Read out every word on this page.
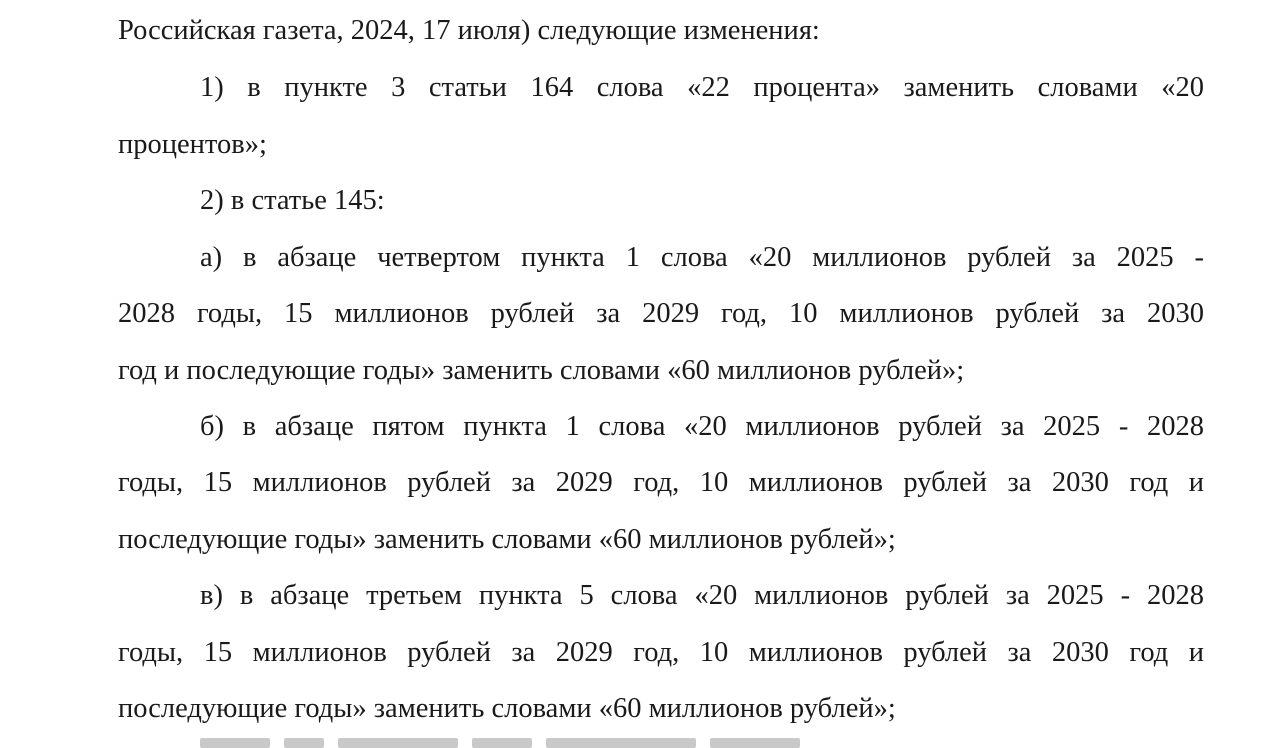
Российская газета, 2024, 17 июля) следующие изменения:
1) в пункте 3 статьи 164 слова «22 процента» заменить словами «20
процентов»;
2) в статье 145:
а) в абзаце четвертом пункта 1 слова «20 миллионов рублей за 2025 -
2028 годы, 15 миллионов рублей за 2029 год, 10 миллионов рублей за 2030
год и последующие годы» заменить словами «60 миллионов рублей»;
б) в абзаце пятом пункта 1 слова «20 миллионов рублей за 2025 - 2028
годы, 15 миллионов рублей за 2029 год, 10 миллионов рублей за 2030 год и
последующие годы» заменить словами «60 миллионов рублей»;
в) в абзаце третьем пункта 5 слова «20 миллионов рублей за 2025 - 2028
годы, 15 миллионов рублей за 2029 год, 10 миллионов рублей за 2030 год и
последующие годы» заменить словами «60 миллионов рублей»;
